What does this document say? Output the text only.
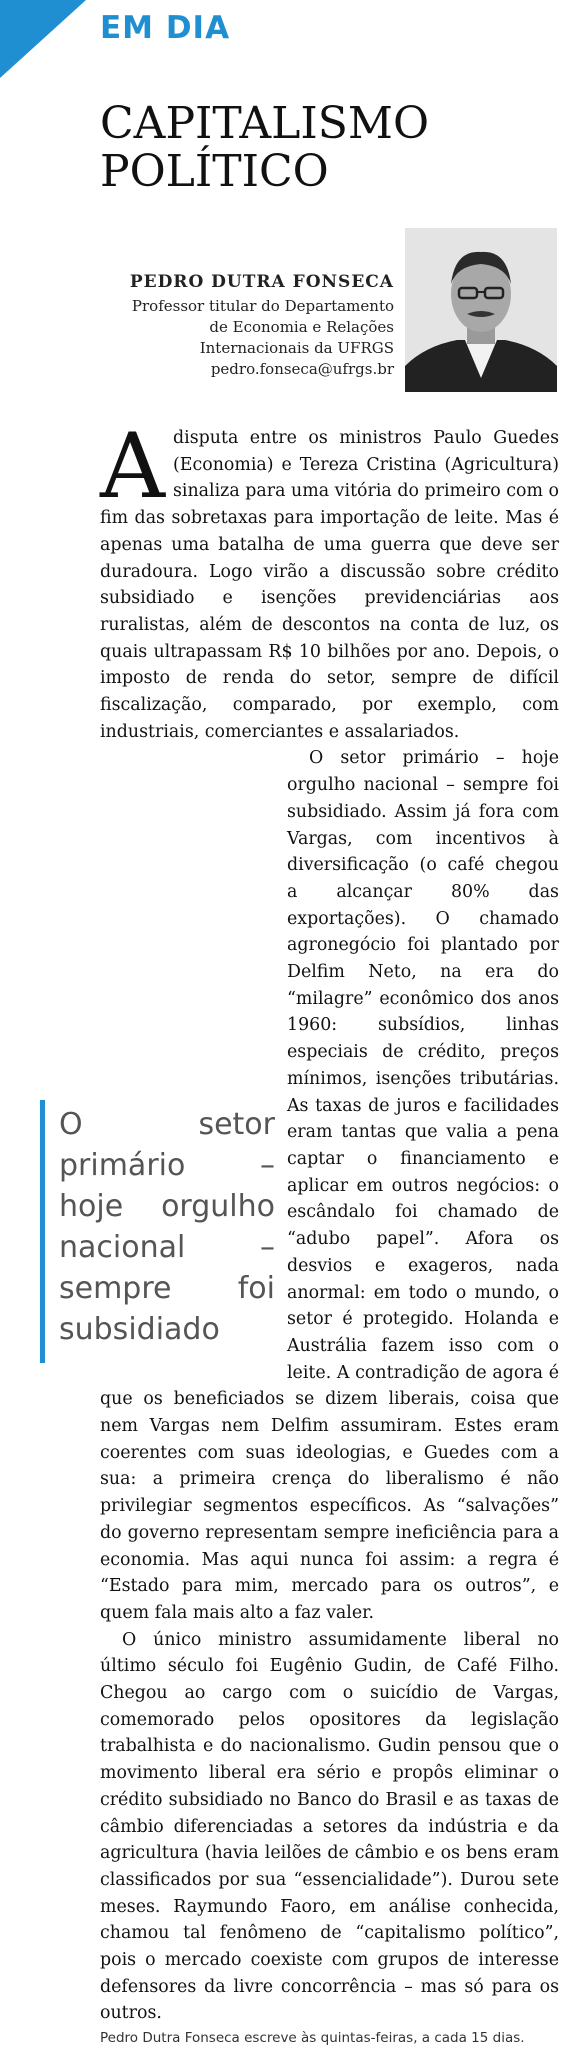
EM DIA
CAPITALISMO POLÍTICO
PEDRO DUTRA FONSECA
Professor titular do Departamento
de Economia e Relações
Internacionais da UFRGS
pedro.fonseca@ufrgs.br
A disputa entre os ministros Paulo Guedes (Economia) e Tereza Cristina (Agricultura) sinaliza para uma vitória do primeiro com o fim das sobretaxas para importação de leite. Mas é apenas uma batalha de uma guerra que deve ser duradoura. Logo virão a discussão sobre crédito subsidiado e isenções previdenciárias aos ruralistas, além de descontos na conta de luz, os quais ultrapassam R$ 10 bilhões por ano. Depois, o imposto de renda do setor, sempre de difícil fiscalização, comparado, por exemplo, com industriais, comerciantes e assalariados.

O setor primário – hoje orgulho nacional – sempre foi subsidiado

O setor primário – hoje orgulho nacional – sempre foi subsidiado. Assim já fora com Vargas, com incentivos à diversificação (o café chegou a alcançar 80% das exportações). O chamado agronegócio foi plantado por Delfim Neto, na era do “milagre” econômico dos anos 1960: subsídios, linhas especiais de crédito, preços mínimos, isenções tributárias. As taxas de juros e facilidades eram tantas que valia a pena captar o financiamento e aplicar em outros negócios: o escândalo foi chamado de “adubo papel”. Afora os desvios e exageros, nada anormal: em todo o mundo, o setor é protegido. Holanda e Austrália fazem isso com o leite. A contradição de agora é que os beneficiados se dizem liberais, coisa que nem Vargas nem Delfim assumiram. Estes eram coerentes com suas ideologias, e Guedes com a sua: a primeira crença do liberalismo é não privilegiar segmentos específicos. As “salvações” do governo representam sempre ineficiência para a economia. Mas aqui nunca foi assim: a regra é “Estado para mim, mercado para os outros”, e quem fala mais alto a faz valer.

O único ministro assumidamente liberal no último século foi Eugênio Gudin, de Café Filho. Chegou ao cargo com o suicídio de Vargas, comemorado pelos opositores da legislação trabalhista e do nacionalismo. Gudin pensou que o movimento liberal era sério e propôs eliminar o crédito subsidiado no Banco do Brasil e as taxas de câmbio diferenciadas a setores da indústria e da agricultura (havia leilões de câmbio e os bens eram classificados por sua “essencialidade”). Durou sete meses. Raymundo Faoro, em análise conhecida, chamou tal fenômeno de “capitalismo político”, pois o mercado coexiste com grupos de interesse defensores da livre concorrência – mas só para os outros.

Pedro Dutra Fonseca escreve às quintas-feiras, a cada 15 dias.
